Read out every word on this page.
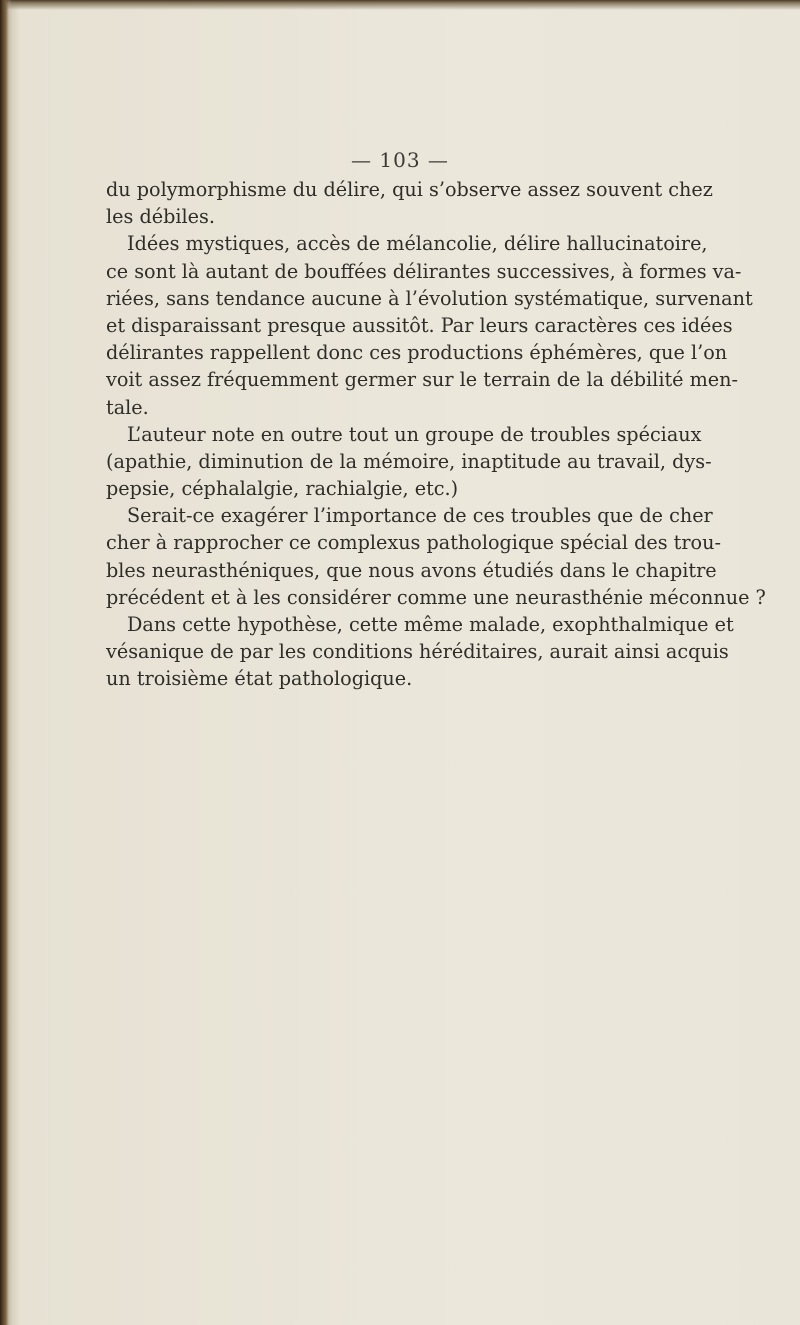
— 103 —
du polymorphisme du délire, qui s’observe assez souvent chez
les débiles.
Idées mystiques, accès de mélancolie, délire hallucinatoire,
ce sont là autant de bouffées délirantes successives, à formes va-
riées, sans tendance aucune à l’évolution systématique, survenant
et disparaissant presque aussitôt. Par leurs caractères ces idées
délirantes rappellent donc ces productions éphémères, que l’on
voit assez fréquemment germer sur le terrain de la débilité men-
tale.
L’auteur note en outre tout un groupe de troubles spéciaux
(apathie, diminution de la mémoire, inaptitude au travail, dys-
pepsie, céphalalgie, rachialgie, etc.)
Serait-ce exagérer l’importance de ces troubles que de cher
cher à rapprocher ce complexus pathologique spécial des trou-
bles neurasthéniques, que nous avons étudiés dans le chapitre
précédent et à les considérer comme une neurasthénie méconnue ?
Dans cette hypothèse, cette même malade, exophthalmique et
vésanique de par les conditions héréditaires, aurait ainsi acquis
un troisième état pathologique.
